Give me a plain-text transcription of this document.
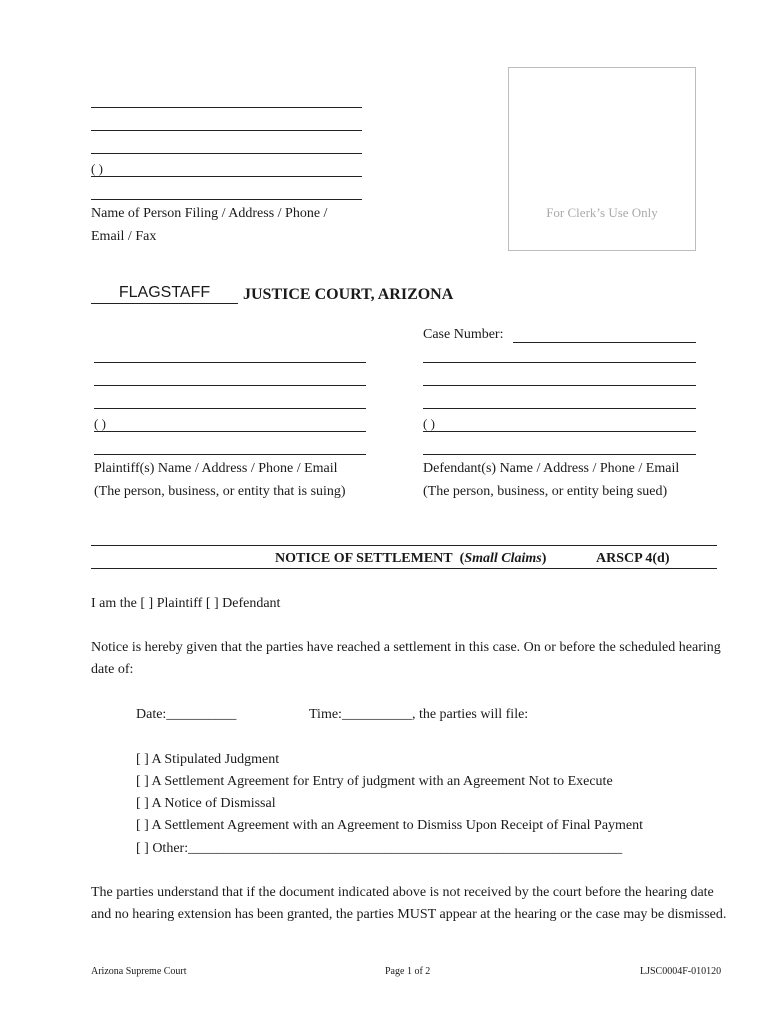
( )
Name of Person Filing / Address / Phone /
Email / Fax
For Clerk’s Use Only
FLAGSTAFF	JUSTICE COURT, ARIZONA
Case Number:
( )
Plaintiff(s) Name / Address / Phone / Email
(The person, business, or entity that is suing)
( )
Defendant(s) Name / Address / Phone / Email
(The person, business, or entity being sued)
NOTICE OF SETTLEMENT (Small Claims)	ARSCP 4(d)
I am the [ ] Plaintiff [ ] Defendant
Notice is hereby given that the parties have reached a settlement in this case. On or before the scheduled hearing date of:
Date:__________	Time:__________, the parties will file:
[ ] A Stipulated Judgment
[ ] A Settlement Agreement for Entry of judgment with an Agreement Not to Execute
[ ] A Notice of Dismissal
[ ] A Settlement Agreement with an Agreement to Dismiss Upon Receipt of Final Payment
[ ] Other:______________________________________________________________
The parties understand that if the document indicated above is not received by the court before the hearing date and no hearing extension has been granted, the parties MUST appear at the hearing or the case may be dismissed.
Arizona Supreme Court	Page 1 of 2	LJSC0004F-010120
